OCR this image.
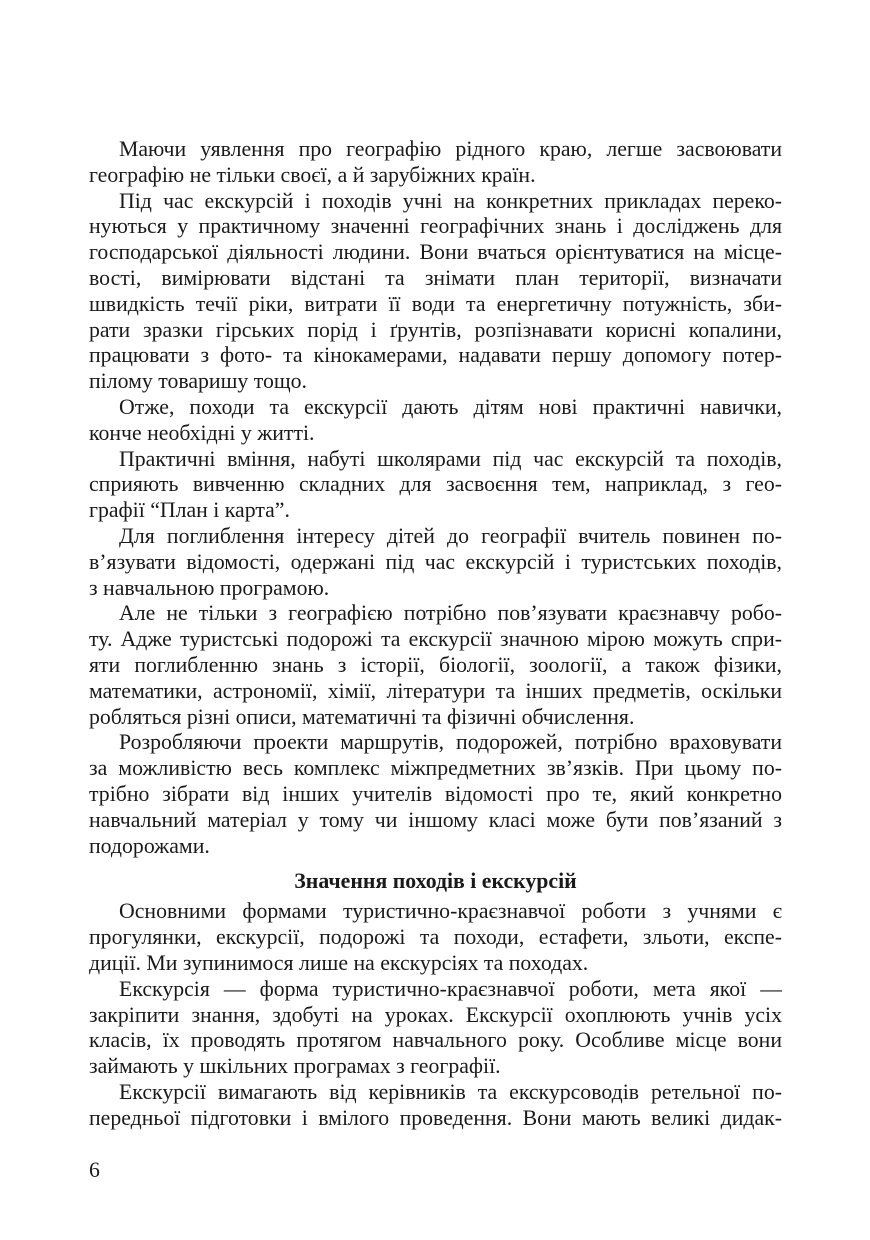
Маючи уявлення про географію рідного краю, легше засвоювати
географію не тільки своєї, а й зарубіжних країн.
Під час екскурсій і походів учні на конкретних прикладах переко-
нуються у практичному значенні географічних знань і досліджень для
господарської діяльності людини. Вони вчаться орієнтуватися на місце-
вості, вимірювати відстані та знімати план території, визначати
швидкість течії ріки, витрати її води та енергетичну потужність, зби-
рати зразки гірських порід і ґрунтів, розпізнавати корисні копалини,
працювати з фото- та кінокамерами, надавати першу допомогу потер-
пілому товаришу тощо.
Отже, походи та екскурсії дають дітям нові практичні навички,
конче необхідні у житті.
Практичні вміння, набуті школярами під час екскурсій та походів,
сприяють вивченню складних для засвоєння тем, наприклад, з гео-
графії “План і карта”.
Для поглиблення інтересу дітей до географії вчитель повинен по-
в’язувати відомості, одержані під час екскурсій і туристських походів,
з навчальною програмою.
Але не тільки з географією потрібно пов’язувати краєзнавчу робо-
ту. Адже туристські подорожі та екскурсії значною мірою можуть спри-
яти поглибленню знань з історії, біології, зоології, а також фізики,
математики, астрономії, хімії, літератури та інших предметів, оскільки
робляться різні описи, математичні та фізичні обчислення.
Розробляючи проекти маршрутів, подорожей, потрібно враховувати
за можливістю весь комплекс міжпредметних зв’язків. При цьому по-
трібно зібрати від інших учителів відомості про те, який конкретно
навчальний матеріал у тому чи іншому класі може бути пов’язаний з
подорожами.
Значення походів і екскурсій
Основними формами туристично-краєзнавчої роботи з учнями є
прогулянки, екскурсії, подорожі та походи, естафети, зльоти, експе-
диції. Ми зупинимося лише на екскурсіях та походах.
Екскурсія — форма туристично-краєзнавчої роботи, мета якої —
закріпити знання, здобуті на уроках. Екскурсії охоплюють учнів усіх
класів, їх проводять протягом навчального року. Особливе місце вони
займають у шкільних програмах з географії.
Екскурсії вимагають від керівників та екскурсоводів ретельної по-
передньої підготовки і вмілого проведення. Вони мають великі дидак-
6
